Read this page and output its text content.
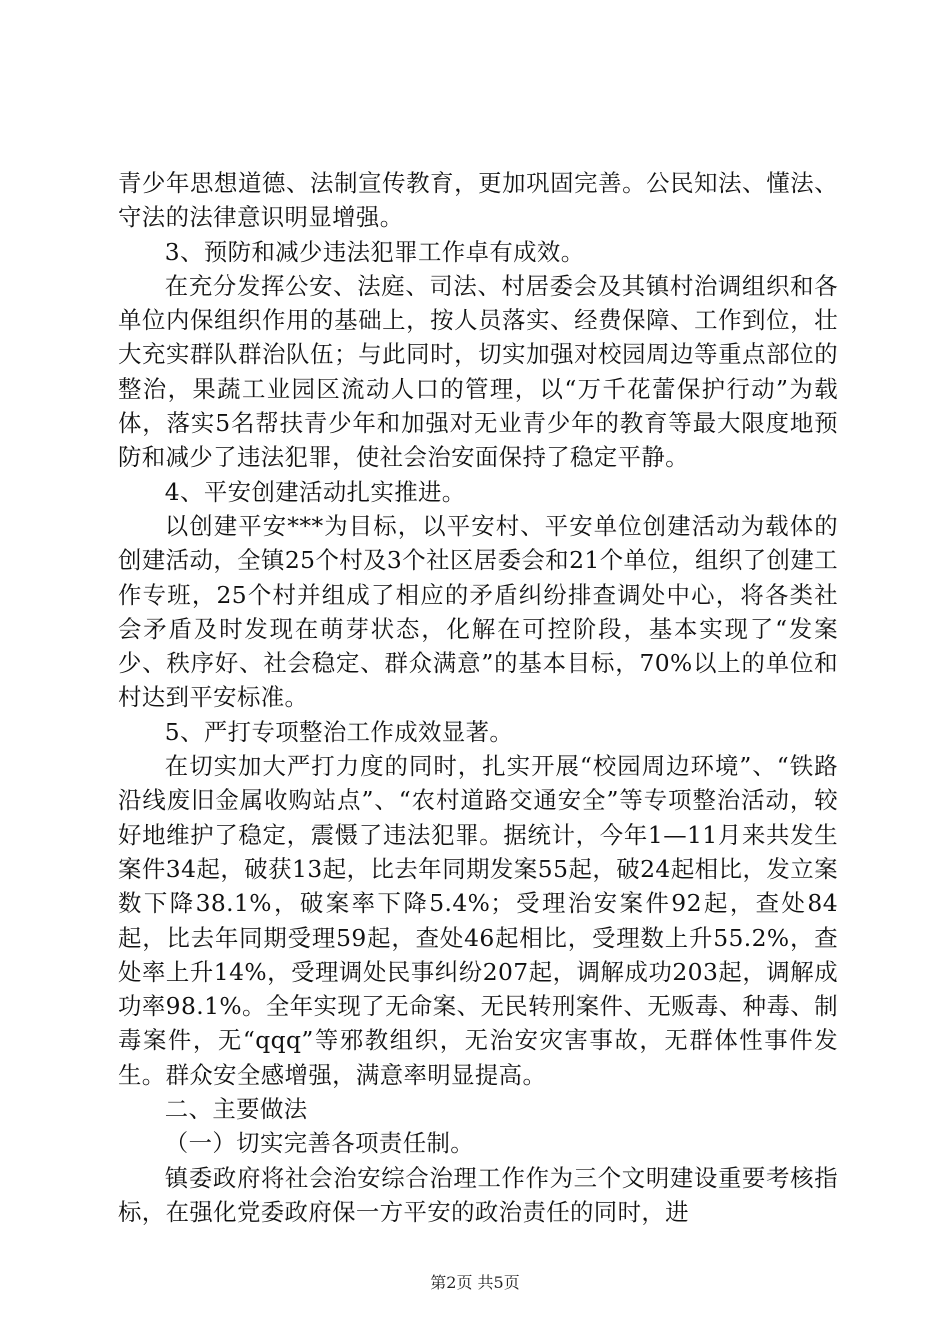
青少年思想道德、法制宣传教育，更加巩固完善。公民知法、懂法、守法的法律意识明显增强。

3、预防和减少违法犯罪工作卓有成效。

在充分发挥公安、法庭、司法、村居委会及其镇村治调组织和各单位内保组织作用的基础上，按人员落实、经费保障、工作到位，壮大充实群队群治队伍；与此同时，切实加强对校园周边等重点部位的整治，果蔬工业园区流动人口的管理，以“万千花蕾保护行动”为载体，落实5名帮扶青少年和加强对无业青少年的教育等最大限度地预防和减少了违法犯罪，使社会治安面保持了稳定平静。

4、平安创建活动扎实推进。

以创建平安***为目标，以平安村、平安单位创建活动为载体的创建活动，全镇25个村及3个社区居委会和21个单位，组织了创建工作专班，25个村并组成了相应的矛盾纠纷排查调处中心，将各类社会矛盾及时发现在萌芽状态，化解在可控阶段，基本实现了“发案少、秩序好、社会稳定、群众满意”的基本目标，70%以上的单位和村达到平安标准。

5、严打专项整治工作成效显著。

在切实加大严打力度的同时，扎实开展“校园周边环境”、“铁路沿线废旧金属收购站点”、“农村道路交通安全”等专项整治活动，较好地维护了稳定，震慑了违法犯罪。据统计，今年1—11月来共发生案件34起，破获13起，比去年同期发案55起，破24起相比，发立案数下降38.1%，破案率下降5.4%；受理治安案件92起，查处84起，比去年同期受理59起，查处46起相比，受理数上升55.2%，查处率上升14%，受理调处民事纠纷207起，调解成功203起，调解成功率98.1%。全年实现了无命案、无民转刑案件、无贩毒、种毒、制毒案件，无“qqq”等邪教组织，无治安灾害事故，无群体性事件发生。群众安全感增强，满意率明显提高。

二、主要做法

（一）切实完善各项责任制。

镇委政府将社会治安综合治理工作作为三个文明建设重要考核指标，在强化党委政府保一方平安的政治责任的同时，进

第2页 共5页
